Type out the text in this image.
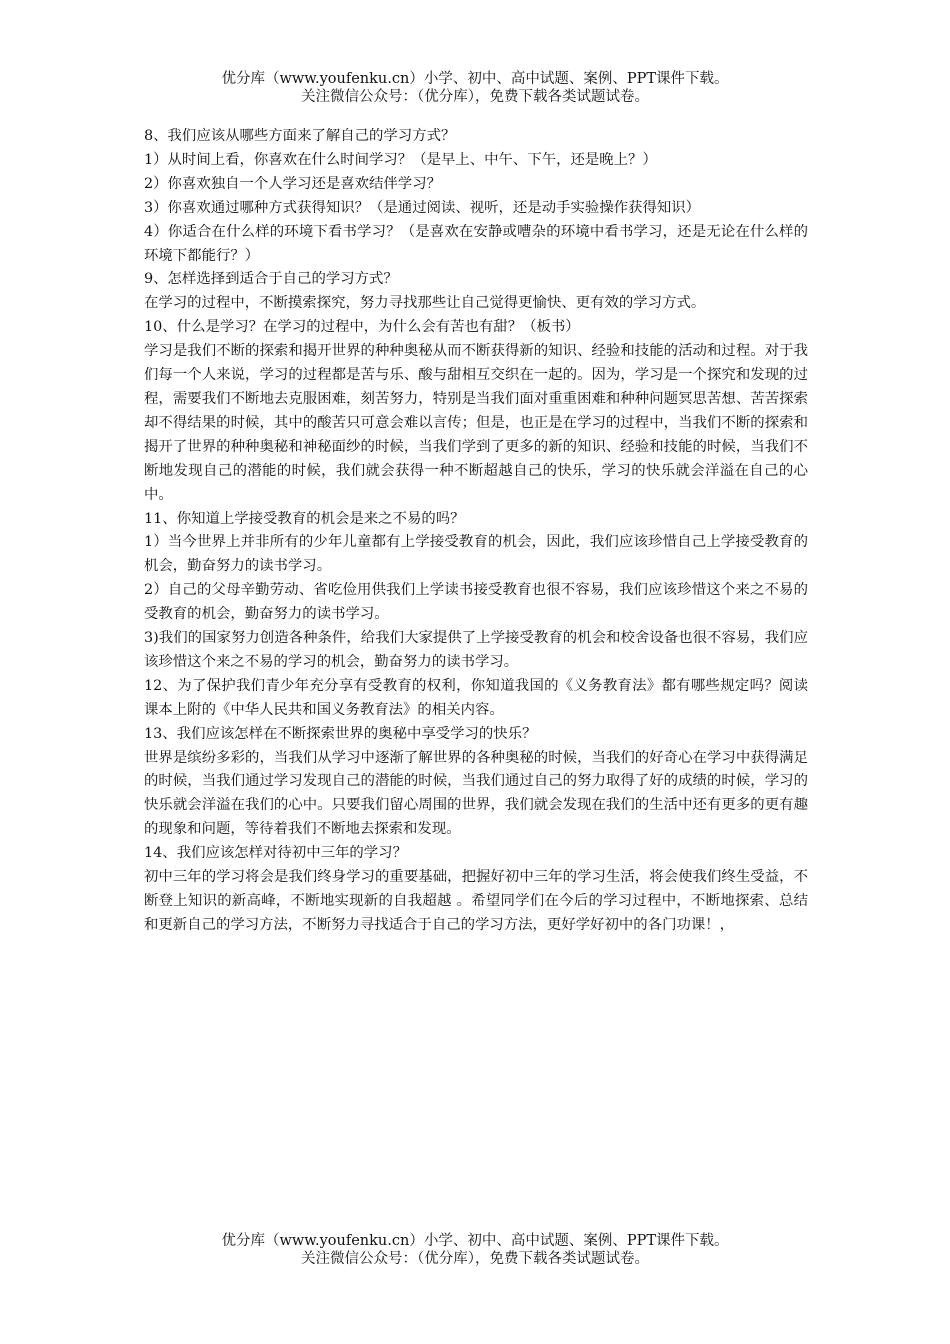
优分库（www.youfenku.cn）小学、初中、高中试题、案例、PPT课件下载。
关注微信公众号：（优分库），免费下载各类试题试卷。

8、我们应该从哪些方面来了解自己的学习方式？

1）从时间上看，你喜欢在什么时间学习？（是早上、中午、下午，还是晚上？）

2）你喜欢独自一个人学习还是喜欢结伴学习？

3）你喜欢通过哪种方式获得知识？（是通过阅读、视听，还是动手实验操作获得知识）

4）你适合在什么样的环境下看书学习？（是喜欢在安静或嘈杂的环境中看书学习，还是无论在什么样的环境下都能行？）

9、怎样选择到适合于自己的学习方式？

在学习的过程中，不断摸索探究，努力寻找那些让自己觉得更愉快、更有效的学习方式。

10、什么是学习？在学习的过程中，为什么会有苦也有甜？（板书）

学习是我们不断的探索和揭开世界的种种奥秘从而不断获得新的知识、经验和技能的活动和过程。对于我们每一个人来说，学习的过程都是苦与乐、酸与甜相互交织在一起的。因为，学习是一个探究和发现的过程，需要我们不断地去克服困难，刻苦努力，特别是当我们面对重重困难和种种问题冥思苦想、苦苦探索却不得结果的时候，其中的酸苦只可意会难以言传；但是，也正是在学习的过程中，当我们不断的探索和揭开了世界的种种奥秘和神秘面纱的时候，当我们学到了更多的新的知识、经验和技能的时候，当我们不断地发现自己的潜能的时候，我们就会获得一种不断超越自己的快乐，学习的快乐就会洋溢在自己的心中。

11、你知道上学接受教育的机会是来之不易的吗？

1）当今世界上并非所有的少年儿童都有上学接受教育的机会，因此，我们应该珍惜自己上学接受教育的机会，勤奋努力的读书学习。

2）自己的父母辛勤劳动、省吃俭用供我们上学读书接受教育也很不容易，我们应该珍惜这个来之不易的受教育的机会，勤奋努力的读书学习。

3)我们的国家努力创造各种条件，给我们大家提供了上学接受教育的机会和校舍设备也很不容易，我们应该珍惜这个来之不易的学习的机会，勤奋努力的读书学习。

12、为了保护我们青少年充分享有受教育的权利，你知道我国的《义务教育法》都有哪些规定吗？阅读课本上附的《中华人民共和国义务教育法》的相关内容。

13、我们应该怎样在不断探索世界的奥秘中享受学习的快乐？

世界是缤纷多彩的，当我们从学习中逐渐了解世界的各种奥秘的时候，当我们的好奇心在学习中获得满足的时候，当我们通过学习发现自己的潜能的时候，当我们通过自己的努力取得了好的成绩的时候，学习的快乐就会洋溢在我们的心中。只要我们留心周围的世界，我们就会发现在我们的生活中还有更多的更有趣的现象和问题，等待着我们不断地去探索和发现。

14、我们应该怎样对待初中三年的学习？

初中三年的学习将会是我们终身学习的重要基础，把握好初中三年的学习生活，将会使我们终生受益，不断登上知识的新高峰，不断地实现新的自我超越 。希望同学们在今后的学习过程中，不断地探索、总结和更新自己的学习方法，不断努力寻找适合于自己的学习方法，更好学好初中的各门功课！，

优分库（www.youfenku.cn）小学、初中、高中试题、案例、PPT课件下载。
关注微信公众号：（优分库），免费下载各类试题试卷。
